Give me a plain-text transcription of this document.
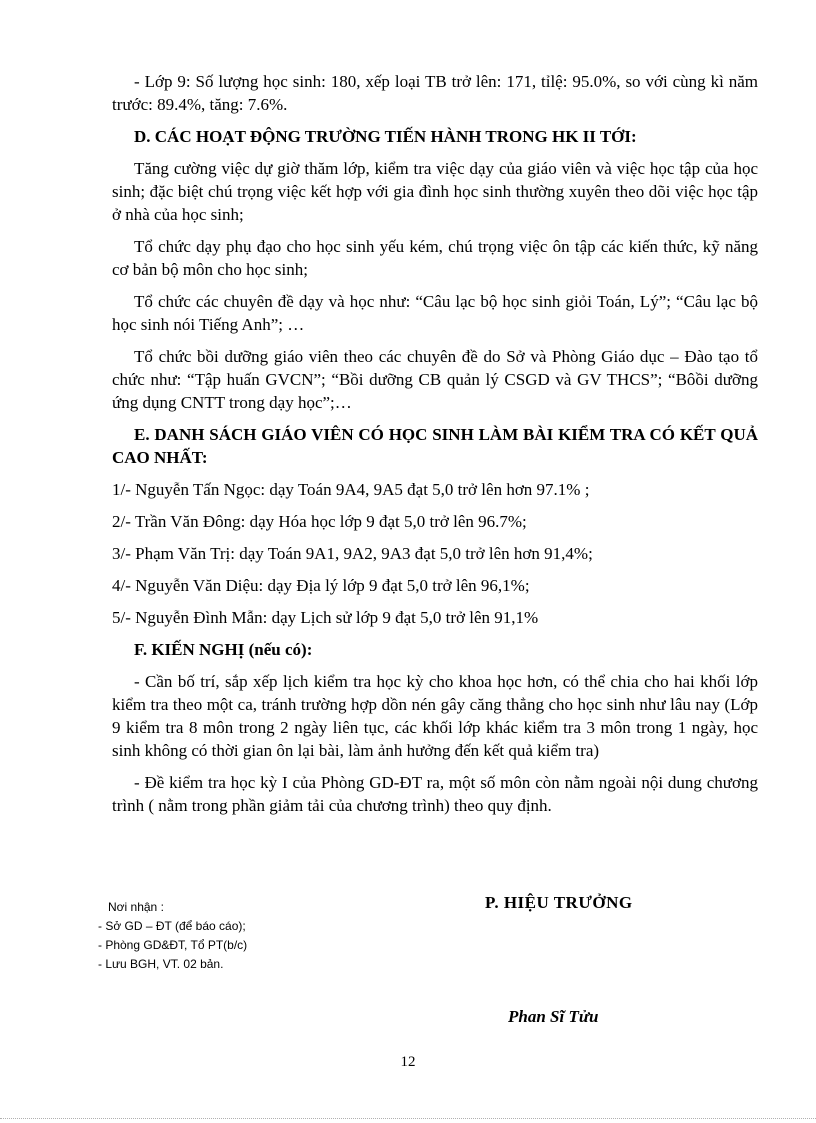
- Lớp 9: Số lượng học sinh: 180, xếp loại TB trở lên: 171, tỉlệ: 95.0%, so với cùng kì năm trước: 89.4%, tăng: 7.6%.

D. CÁC HOẠT ĐỘNG TRƯỜNG TIẾN HÀNH TRONG HK II TỚI:

Tăng cường việc dự giờ thăm lớp, kiểm tra việc dạy của giáo viên và việc học tập của học sinh; đặc biệt chú trọng việc kết hợp với gia đình học sinh thường xuyên theo dõi việc học tập ở nhà của học sinh;

Tổ chức dạy phụ đạo cho học sinh yếu kém, chú trọng việc ôn tập các kiến thức, kỹ năng cơ bản bộ môn cho học sinh;

Tổ chức các chuyên đề dạy và học như: “Câu lạc bộ học sinh giỏi Toán, Lý”; “Câu lạc bộ học sinh nói Tiếng Anh”; …

Tổ chức bồi dưỡng giáo viên theo các chuyên đề do Sở và Phòng Giáo dục – Đào tạo tổ chức như: “Tập huấn GVCN”; “Bồi dưỡng CB quản lý CSGD và GV THCS”; “Bôồi dưỡng ứng dụng CNTT trong dạy học”;…

E. DANH SÁCH GIÁO VIÊN CÓ HỌC SINH LÀM BÀI KIỂM TRA CÓ KẾT QUẢ CAO NHẤT:

1/- Nguyễn Tấn Ngọc: dạy Toán 9A4, 9A5 đạt 5,0 trở lên hơn 97.1% ;

2/- Trần Văn Đông: dạy Hóa học lớp 9 đạt 5,0 trở lên 96.7%;

3/- Phạm Văn Trị: dạy Toán 9A1, 9A2, 9A3 đạt 5,0 trở lên hơn 91,4%;

4/- Nguyễn Văn Diệu: dạy Địa lý lớp 9 đạt 5,0 trở lên 96,1%;

5/- Nguyễn Đình Mẫn: dạy Lịch sử lớp 9 đạt 5,0 trở lên 91,1%

F. KIẾN NGHỊ (nếu có):

- Cần bố trí, sắp xếp lịch kiểm tra học kỳ cho khoa học hơn, có thể chia cho hai khối lớp kiểm tra theo một ca, tránh trường hợp dồn nén gây căng thẳng cho học sinh như lâu nay (Lớp 9 kiểm tra 8 môn trong 2 ngày liên tục, các khối lớp khác kiểm tra 3 môn trong 1 ngày, học sinh không có thời gian ôn lại bài, làm ảnh hưởng đến kết quả kiểm tra)

- Đề kiểm tra học kỳ I của Phòng GD-ĐT ra, một số môn còn nằm ngoài nội dung chương trình ( nằm trong phần giảm tải của chương trình) theo quy định.

Nơi nhận :
- Sở GD – ĐT (để báo cáo);
- Phòng GD&ĐT, Tổ PT(b/c)
- Lưu BGH, VT. 02 bản.
P. HIỆU TRƯỞNG
Phan Sĩ Tửu
12
